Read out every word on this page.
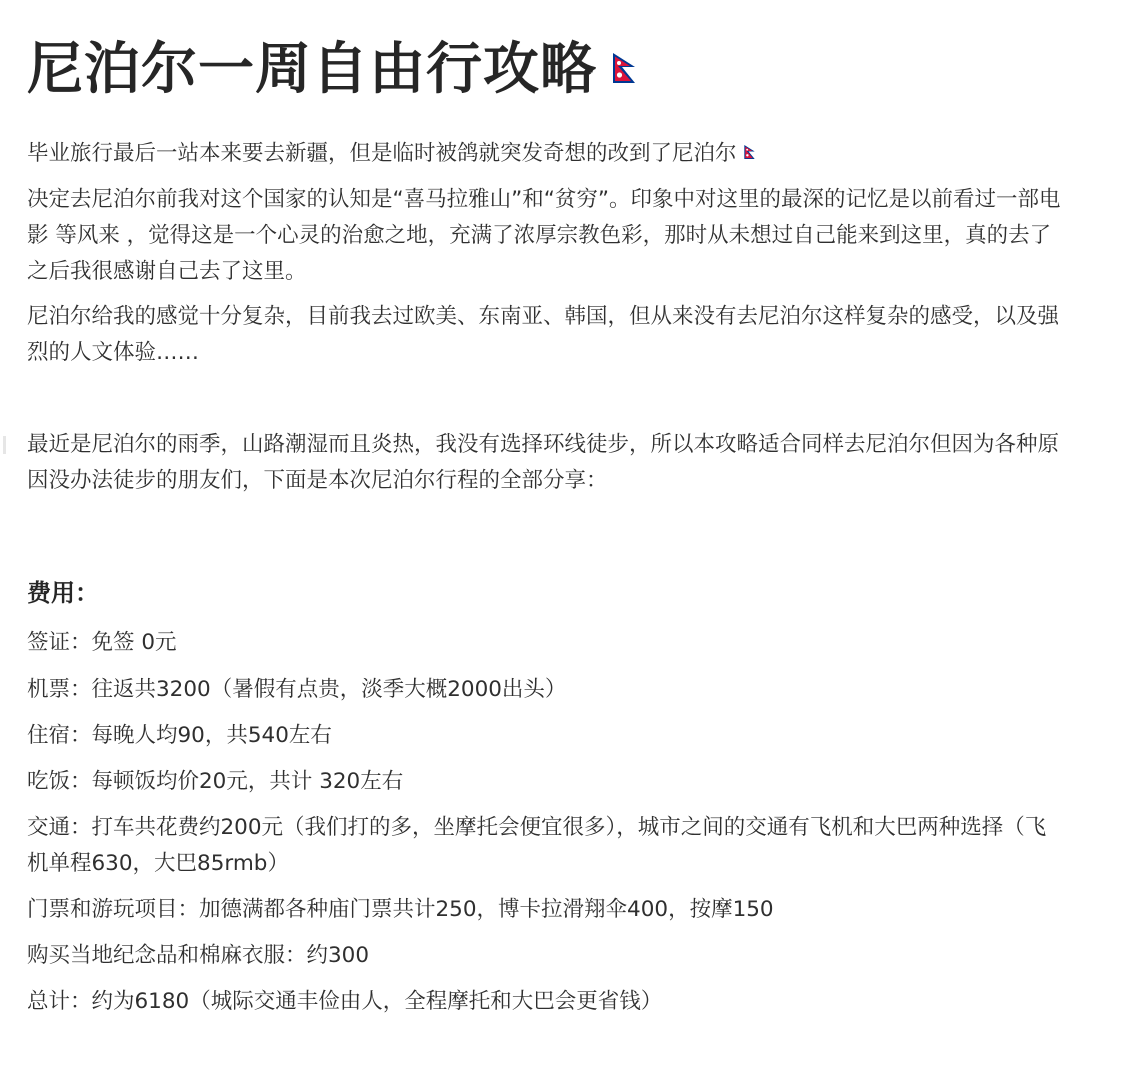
尼泊尔一周自由行攻略
毕业旅行最后一站本来要去新疆，但是临时被鸽就突发奇想的改到了尼泊尔
决定去尼泊尔前我对这个国家的认知是“喜马拉雅山”和“贫穷”。印象中对这里的最深的记忆是以前看过一部电影 等风来 ，觉得这是一个心灵的治愈之地，充满了浓厚宗教色彩，那时从未想过自己能来到这里，真的去了之后我很感谢自己去了这里。
尼泊尔给我的感觉十分复杂，目前我去过欧美、东南亚、韩国，但从来没有去尼泊尔这样复杂的感受，以及强烈的人文体验……
最近是尼泊尔的雨季，山路潮湿而且炎热，我没有选择环线徒步，所以本攻略适合同样去尼泊尔但因为各种原因没办法徒步的朋友们，下面是本次尼泊尔行程的全部分享：
费用：
签证：免签 0元
机票：往返共3200（暑假有点贵，淡季大概2000出头）
住宿：每晚人均90，共540左右
吃饭：每顿饭均价20元，共计 320左右
交通：打车共花费约200元（我们打的多，坐摩托会便宜很多），城市之间的交通有飞机和大巴两种选择（飞机单程630，大巴85rmb）
门票和游玩项目：加德满都各种庙门票共计250，博卡拉滑翔伞400，按摩150
购买当地纪念品和棉麻衣服：约300
总计：约为6180（城际交通丰俭由人，全程摩托和大巴会更省钱）
